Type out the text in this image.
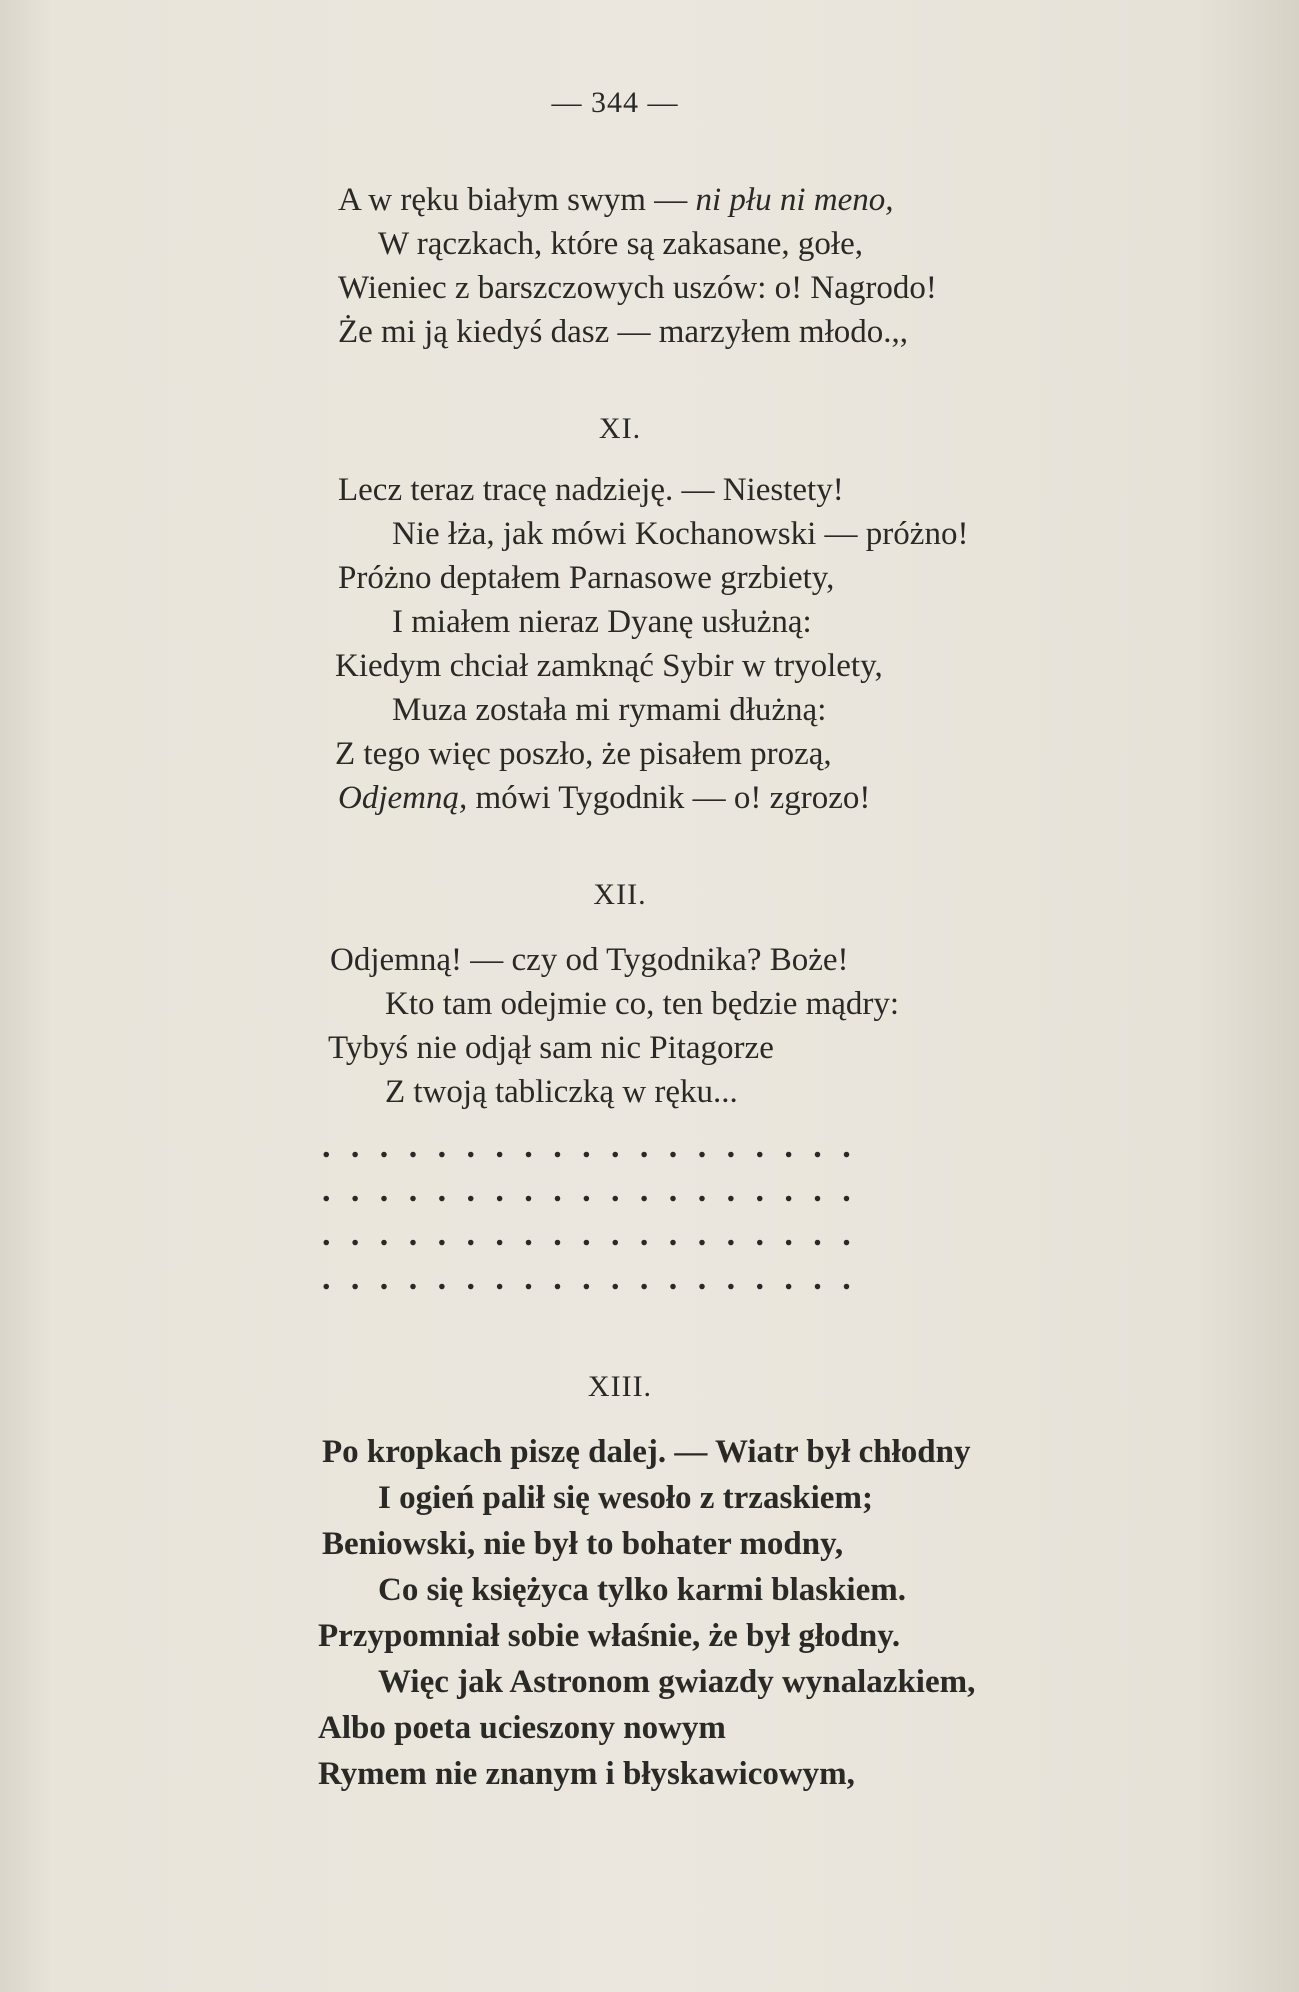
— 344 —
A w ręku białym swym — ni płu ni meno,
W rączkach, które są zakasane, gołe,
Wieniec z barszczowych uszów: o! Nagrodo!
Że mi ją kiedyś dasz — marzyłem młodo.,,
XI.
Lecz teraz tracę nadzieję. — Niestety!
Nie łża, jak mówi Kochanowski — próżno!
Próżno deptałem Parnasowe grzbiety,
I miałem nieraz Dyanę usłużną:
Kiedym chciał zamknąć Sybir w tryolety,
Muza została mi rymami dłużną:
Z tego więc poszło, że pisałem prozą,
Odjemną, mówi Tygodnik — o! zgrozo!
XII.
Odjemną! — czy od Tygodnika? Boże!
Kto tam odejmie co, ten będzie mądry:
Tybyś nie odjął sam nic Pitagorze
Z twoją tabliczką w ręku...
...................
...................
...................
...................
XIII.
Po kropkach piszę dalej. — Wiatr był chłodny
I ogień palił się wesoło z trzaskiem;
Beniowski, nie był to bohater modny,
Co się księżyca tylko karmi blaskiem.
Przypomniał sobie właśnie, że był głodny.
Więc jak Astronom gwiazdy wynalazkiem,
Albo poeta ucieszony nowym
Rymem nie znanym i błyskawicowym,
